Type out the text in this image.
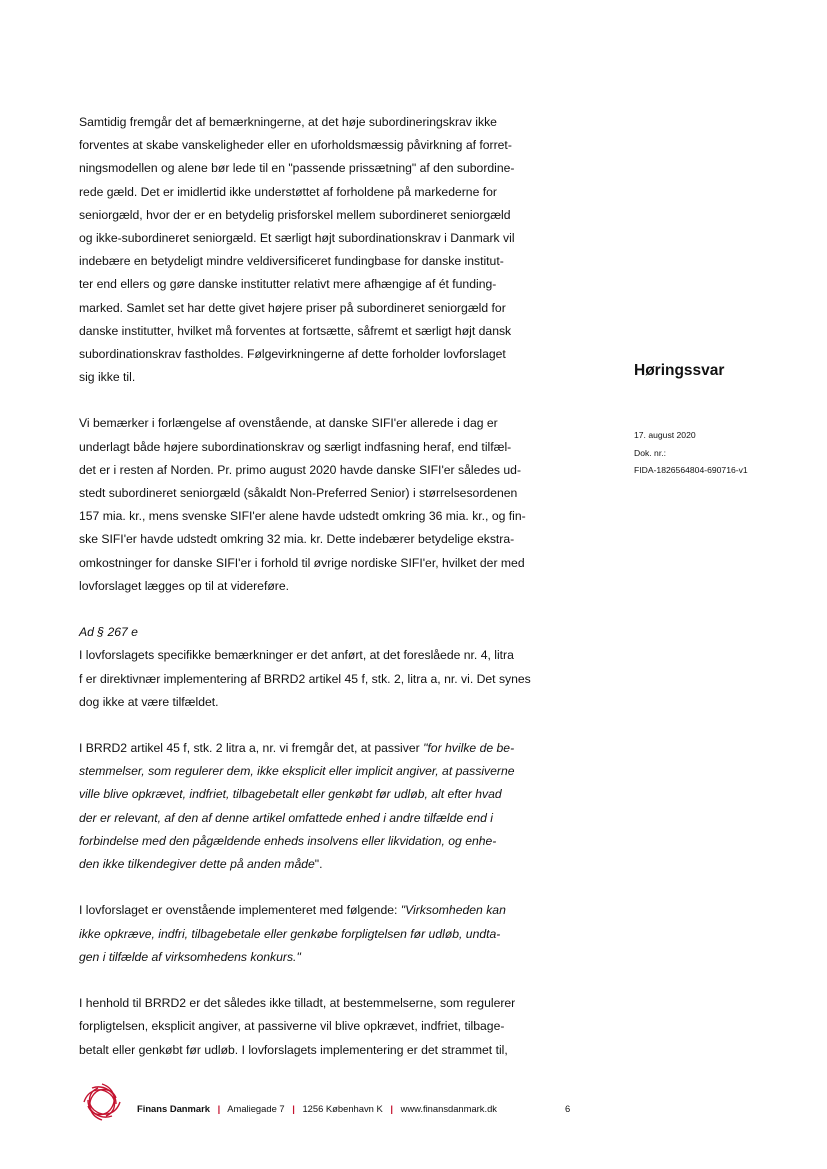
Samtidig fremgår det af bemærkningerne, at det høje subordineringskrav ikke
forventes at skabe vanskeligheder eller en uforholdsmæssig påvirkning af forret-
ningsmodellen og alene bør lede til en "passende prissætning" af den subordine-
rede gæld. Det er imidlertid ikke understøttet af forholdene på markederne for
seniorgæld, hvor der er en betydelig prisforskel mellem subordineret seniorgæld
og ikke-subordineret seniorgæld. Et særligt højt subordinationskrav i Danmark vil
indebære en betydeligt mindre veldiversificeret fundingbase for danske institut-
ter end ellers og gøre danske institutter relativt mere afhængige af ét funding-
marked. Samlet set har dette givet højere priser på subordineret seniorgæld for
danske institutter, hvilket må forventes at fortsætte, såfremt et særligt højt dansk
subordinationskrav fastholdes. Følgevirkningerne af dette forholder lovforslaget
sig ikke til.
Vi bemærker i forlængelse af ovenstående, at danske SIFI'er allerede i dag er
underlagt både højere subordinationskrav og særligt indfasning heraf, end tilfæl-
det er i resten af Norden. Pr. primo august 2020 havde danske SIFI'er således ud-
stedt subordineret seniorgæld (såkaldt Non-Preferred Senior) i størrelsesordenen
157 mia. kr., mens svenske SIFI'er alene havde udstedt omkring 36 mia. kr., og fin-
ske SIFI'er havde udstedt omkring 32 mia. kr. Dette indebærer betydelige ekstra-
omkostninger for danske SIFI'er i forhold til øvrige nordiske SIFI'er, hvilket der med
lovforslaget lægges op til at videreføre.
Ad § 267 e
I lovforslagets specifikke bemærkninger er det anført, at det foreslåede nr. 4, litra
f er direktivnær implementering af BRRD2 artikel 45 f, stk. 2, litra a, nr. vi. Det synes
dog ikke at være tilfældet.
I BRRD2 artikel 45 f, stk. 2 litra a, nr. vi fremgår det, at passiver "for hvilke de be-
stemmelser, som regulerer dem, ikke eksplicit eller implicit angiver, at passiverne
ville blive opkrævet, indfriet, tilbagebetalt eller genkøbt før udløb, alt efter hvad
der er relevant, af den af denne artikel omfattede enhed i andre tilfælde end i
forbindelse med den pågældende enheds insolvens eller likvidation, og enhe-
den ikke tilkendegiver dette på anden måde".
I lovforslaget er ovenstående implementeret med følgende: "Virksomheden kan
ikke opkræve, indfri, tilbagebetale eller genkøbe forpligtelsen før udløb, undta-
gen i tilfælde af virksomhedens konkurs."
I henhold til BRRD2 er det således ikke tilladt, at bestemmelserne, som regulerer
forpligtelsen, eksplicit angiver, at passiverne vil blive opkrævet, indfriet, tilbage-
betalt eller genkøbt før udløb. I lovforslagets implementering er det strammet til,
Høringssvar
17. august 2020
Dok. nr.:
FIDA-1826564804-690716-v1
Finans Danmark | Amaliegade 7 | 1256 København K | www.finansdanmark.dk	6
